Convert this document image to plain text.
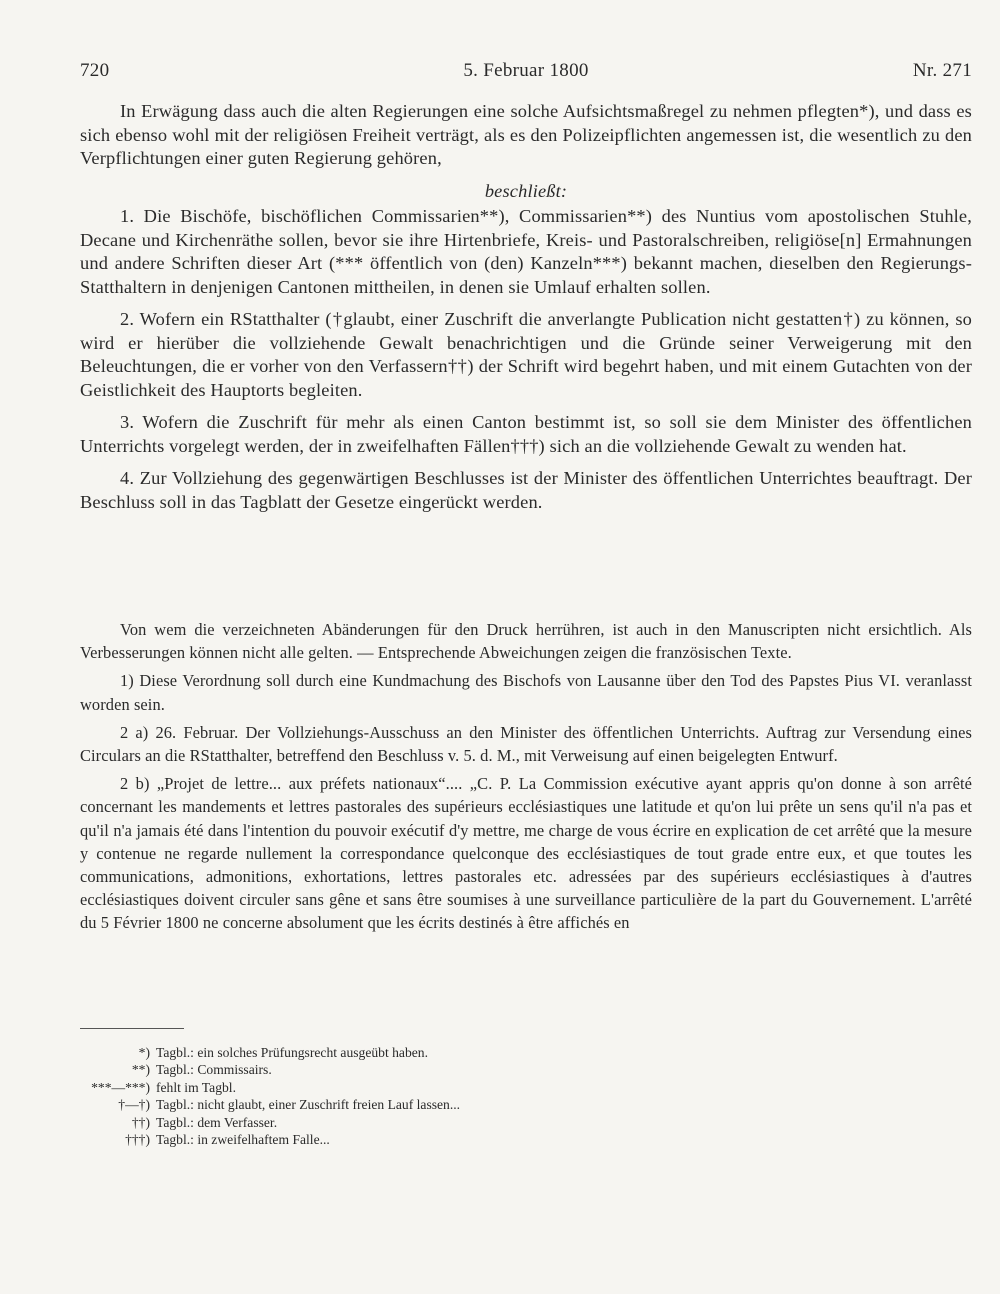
720	5. Februar 1800	Nr. 271

In Erwägung dass auch die alten Regierungen eine solche Aufsichtsmaßregel zu nehmen pflegten*), und dass es sich ebenso wohl mit der religiösen Freiheit verträgt, als es den Polizeipflichten angemessen ist, die wesentlich zu den Verpflichtungen einer guten Regierung gehören,

beschließt:

1. Die Bischöfe, bischöflichen Commissarien**), Commissarien**) des Nuntius vom apostolischen Stuhle, Decane und Kirchenräthe sollen, bevor sie ihre Hirtenbriefe, Kreis- und Pastoralschreiben, religiöse[n] Ermahnungen und andere Schriften dieser Art (*** öffentlich von (den) Kanzeln***) bekannt machen, dieselben den Regierungs-Statthaltern in denjenigen Cantonen mittheilen, in denen sie Umlauf erhalten sollen.

2. Wofern ein RStatthalter (†glaubt, einer Zuschrift die anverlangte Publication nicht gestatten†) zu können, so wird er hierüber die vollziehende Gewalt benachrichtigen und die Gründe seiner Verweigerung mit den Beleuchtungen, die er vorher von den Verfassern††) der Schrift wird begehrt haben, und mit einem Gutachten von der Geistlichkeit des Hauptorts begleiten.

3. Wofern die Zuschrift für mehr als einen Canton bestimmt ist, so soll sie dem Minister des öffentlichen Unterrichts vorgelegt werden, der in zweifelhaften Fällen†††) sich an die vollziehende Gewalt zu wenden hat.

4. Zur Vollziehung des gegenwärtigen Beschlusses ist der Minister des öffentlichen Unterrichtes beauftragt. Der Beschluss soll in das Tagblatt der Gesetze eingerückt werden.

Von wem die verzeichneten Abänderungen für den Druck herrühren, ist auch in den Manuscripten nicht ersichtlich. Als Verbesserungen können nicht alle gelten. — Entsprechende Abweichungen zeigen die französischen Texte.

1) Diese Verordnung soll durch eine Kundmachung des Bischofs von Lausanne über den Tod des Papstes Pius VI. veranlasst worden sein.

2 a) 26. Februar. Der Vollziehungs-Ausschuss an den Minister des öffentlichen Unterrichts. Auftrag zur Versendung eines Circulars an die RStatthalter, betreffend den Beschluss v. 5. d. M., mit Verweisung auf einen beigelegten Entwurf.

2 b) „Projet de lettre... aux préfets nationaux“.... „C. P. La Commission exécutive ayant appris qu'on donne à son arrêté concernant les mandements et lettres pastorales des supérieurs ecclésiastiques une latitude et qu'on lui prête un sens qu'il n'a pas et qu'il n'a jamais été dans l'intention du pouvoir exécutif d'y mettre, me charge de vous écrire en explication de cet arrêté que la mesure y contenue ne regarde nullement la correspondance quelconque des ecclésiastiques de tout grade entre eux, et que toutes les communications, admonitions, exhortations, lettres pastorales etc. adressées par des supérieurs ecclésiastiques à d'autres ecclésiastiques doivent circuler sans gêne et sans être soumises à une surveillance particulière de la part du Gouvernement. L'arrêté du 5 Février 1800 ne concerne absolument que les écrits destinés à être affichés en

*) Tagbl.: ein solches Prüfungsrecht ausgeübt haben.
**) Tagbl.: Commissairs.
***—***) fehlt im Tagbl.
†—†) Tagbl.: nicht glaubt, einer Zuschrift freien Lauf lassen...
††) Tagbl.: dem Verfasser.
†††) Tagbl.: in zweifelhaftem Falle...
